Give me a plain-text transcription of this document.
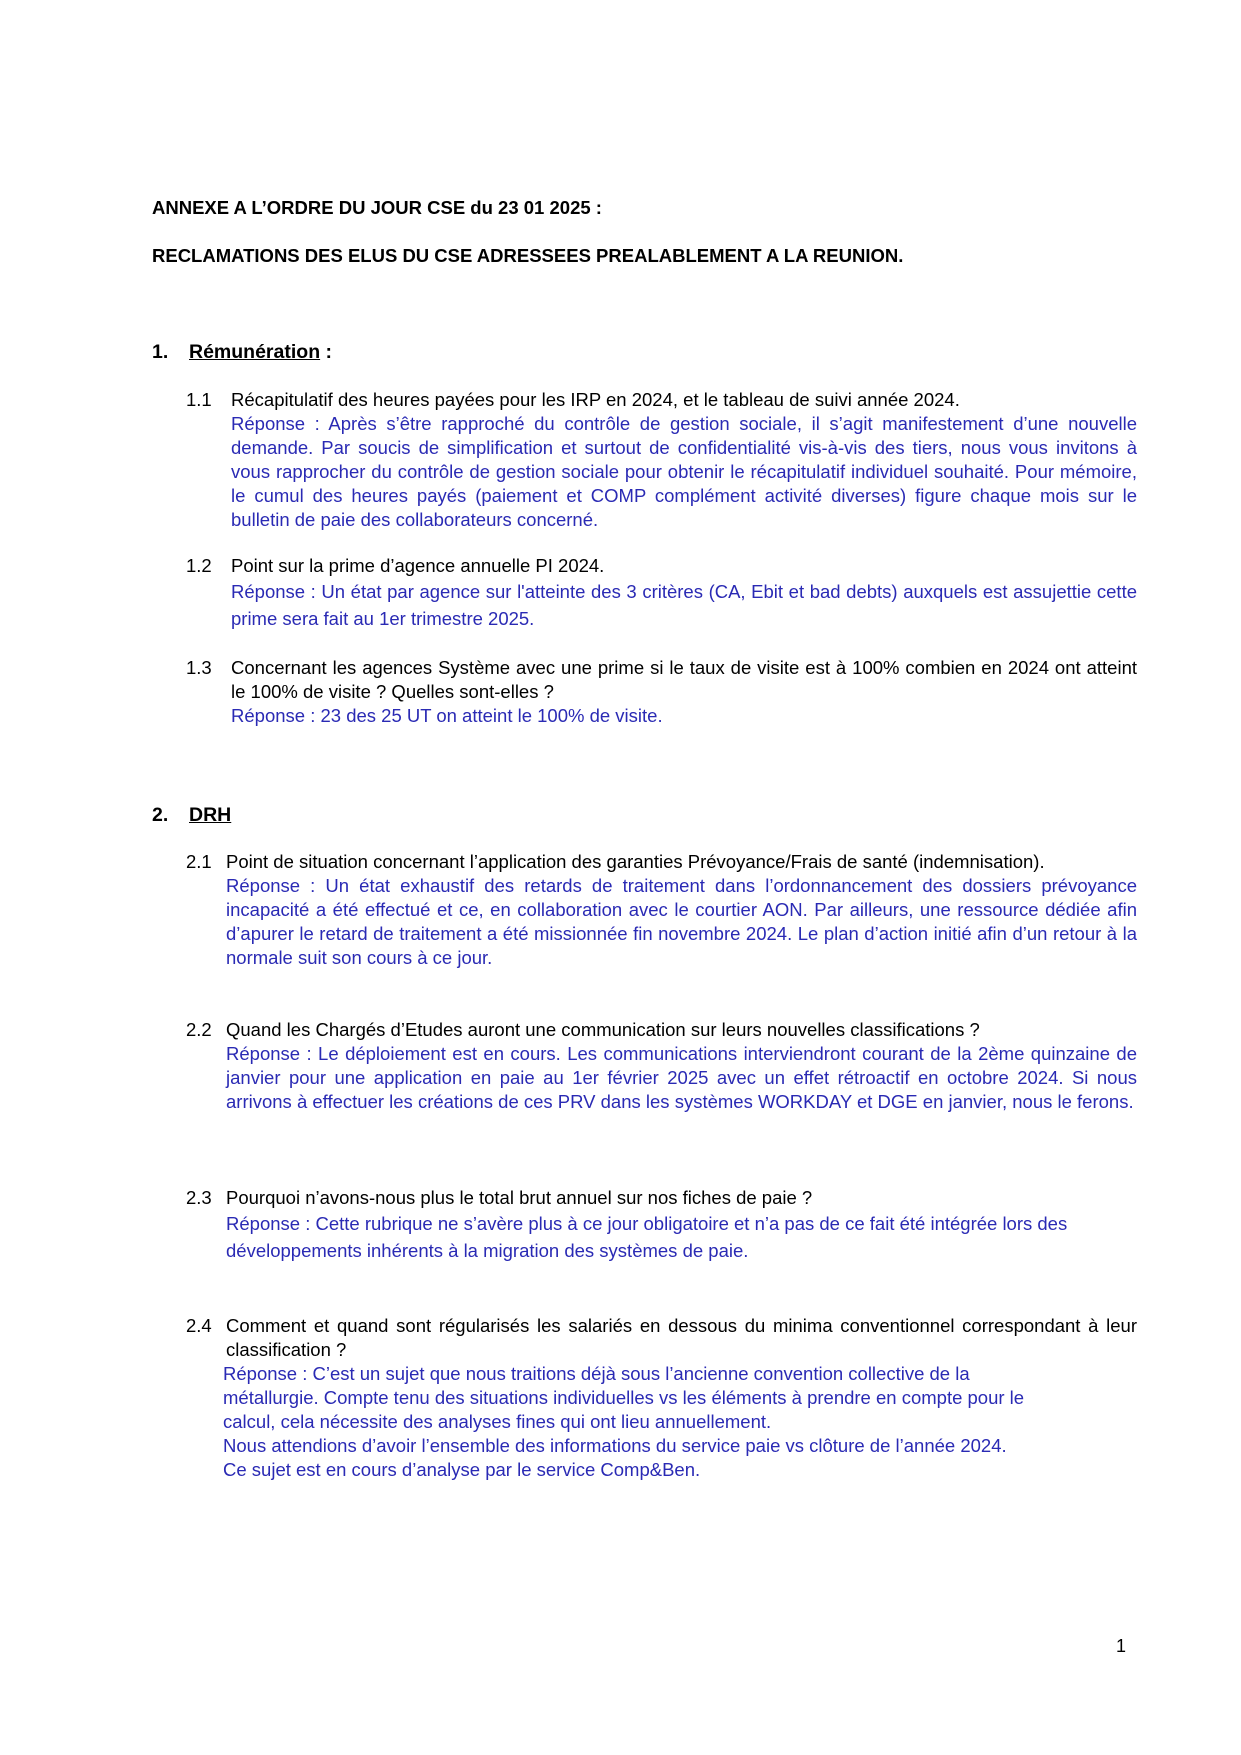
ANNEXE A L’ORDRE DU JOUR CSE du 23 01 2025 :
RECLAMATIONS DES ELUS DU CSE ADRESSEES PREALABLEMENT A LA REUNION.
1. Rémunération :
1.1 Récapitulatif des heures payées pour les IRP en 2024, et le tableau de suivi année 2024.
Réponse : Après s’être rapproché du contrôle de gestion sociale, il s’agit manifestement d’une nouvelle demande. Par soucis de simplification et surtout de confidentialité vis-à-vis des tiers, nous vous invitons à vous rapprocher du contrôle de gestion sociale pour obtenir le récapitulatif individuel souhaité. Pour mémoire, le cumul des heures payés (paiement et COMP complément activité diverses) figure chaque mois sur le bulletin de paie des collaborateurs concerné.
1.2 Point sur la prime d’agence annuelle PI 2024.
Réponse : Un état par agence sur l'atteinte des 3 critères (CA, Ebit et bad debts) auxquels est assujettie cette prime sera fait au 1er trimestre 2025.
1.3 Concernant les agences Système avec une prime si le taux de visite est à 100% combien en 2024 ont atteint le 100% de visite ? Quelles sont-elles ?
Réponse : 23 des 25 UT on atteint le 100% de visite.
2. DRH
2.1 Point de situation concernant l’application des garanties Prévoyance/Frais de santé (indemnisation).
Réponse : Un état exhaustif des retards de traitement dans l’ordonnancement des dossiers prévoyance incapacité a été effectué et ce, en collaboration avec le courtier AON. Par ailleurs, une ressource dédiée afin d’apurer le retard de traitement a été missionnée fin novembre 2024. Le plan d’action initié afin d’un retour à la normale suit son cours à ce jour.
2.2 Quand les Chargés d’Etudes auront une communication sur leurs nouvelles classifications ?
Réponse : Le déploiement est en cours. Les communications interviendront courant de la 2ème quinzaine de janvier pour une application en paie au 1er février 2025 avec un effet rétroactif en octobre 2024. Si nous arrivons à effectuer les créations de ces PRV dans les systèmes WORKDAY et DGE en janvier, nous le ferons.
2.3 Pourquoi n’avons-nous plus le total brut annuel sur nos fiches de paie ?
Réponse : Cette rubrique ne s’avère plus à ce jour obligatoire et n’a pas de ce fait été intégrée lors des développements inhérents à la migration des systèmes de paie.
2.4 Comment et quand sont régularisés les salariés en dessous du minima conventionnel correspondant à leur classification ?
Réponse : C’est un sujet que nous traitions déjà sous l’ancienne convention collective de la
métallurgie. Compte tenu des situations individuelles vs les éléments à prendre en compte pour le
calcul, cela nécessite des analyses fines qui ont lieu annuellement.
Nous attendions d’avoir l’ensemble des informations du service paie vs clôture de l’année 2024.
Ce sujet est en cours d’analyse par le service Comp&Ben.
1
